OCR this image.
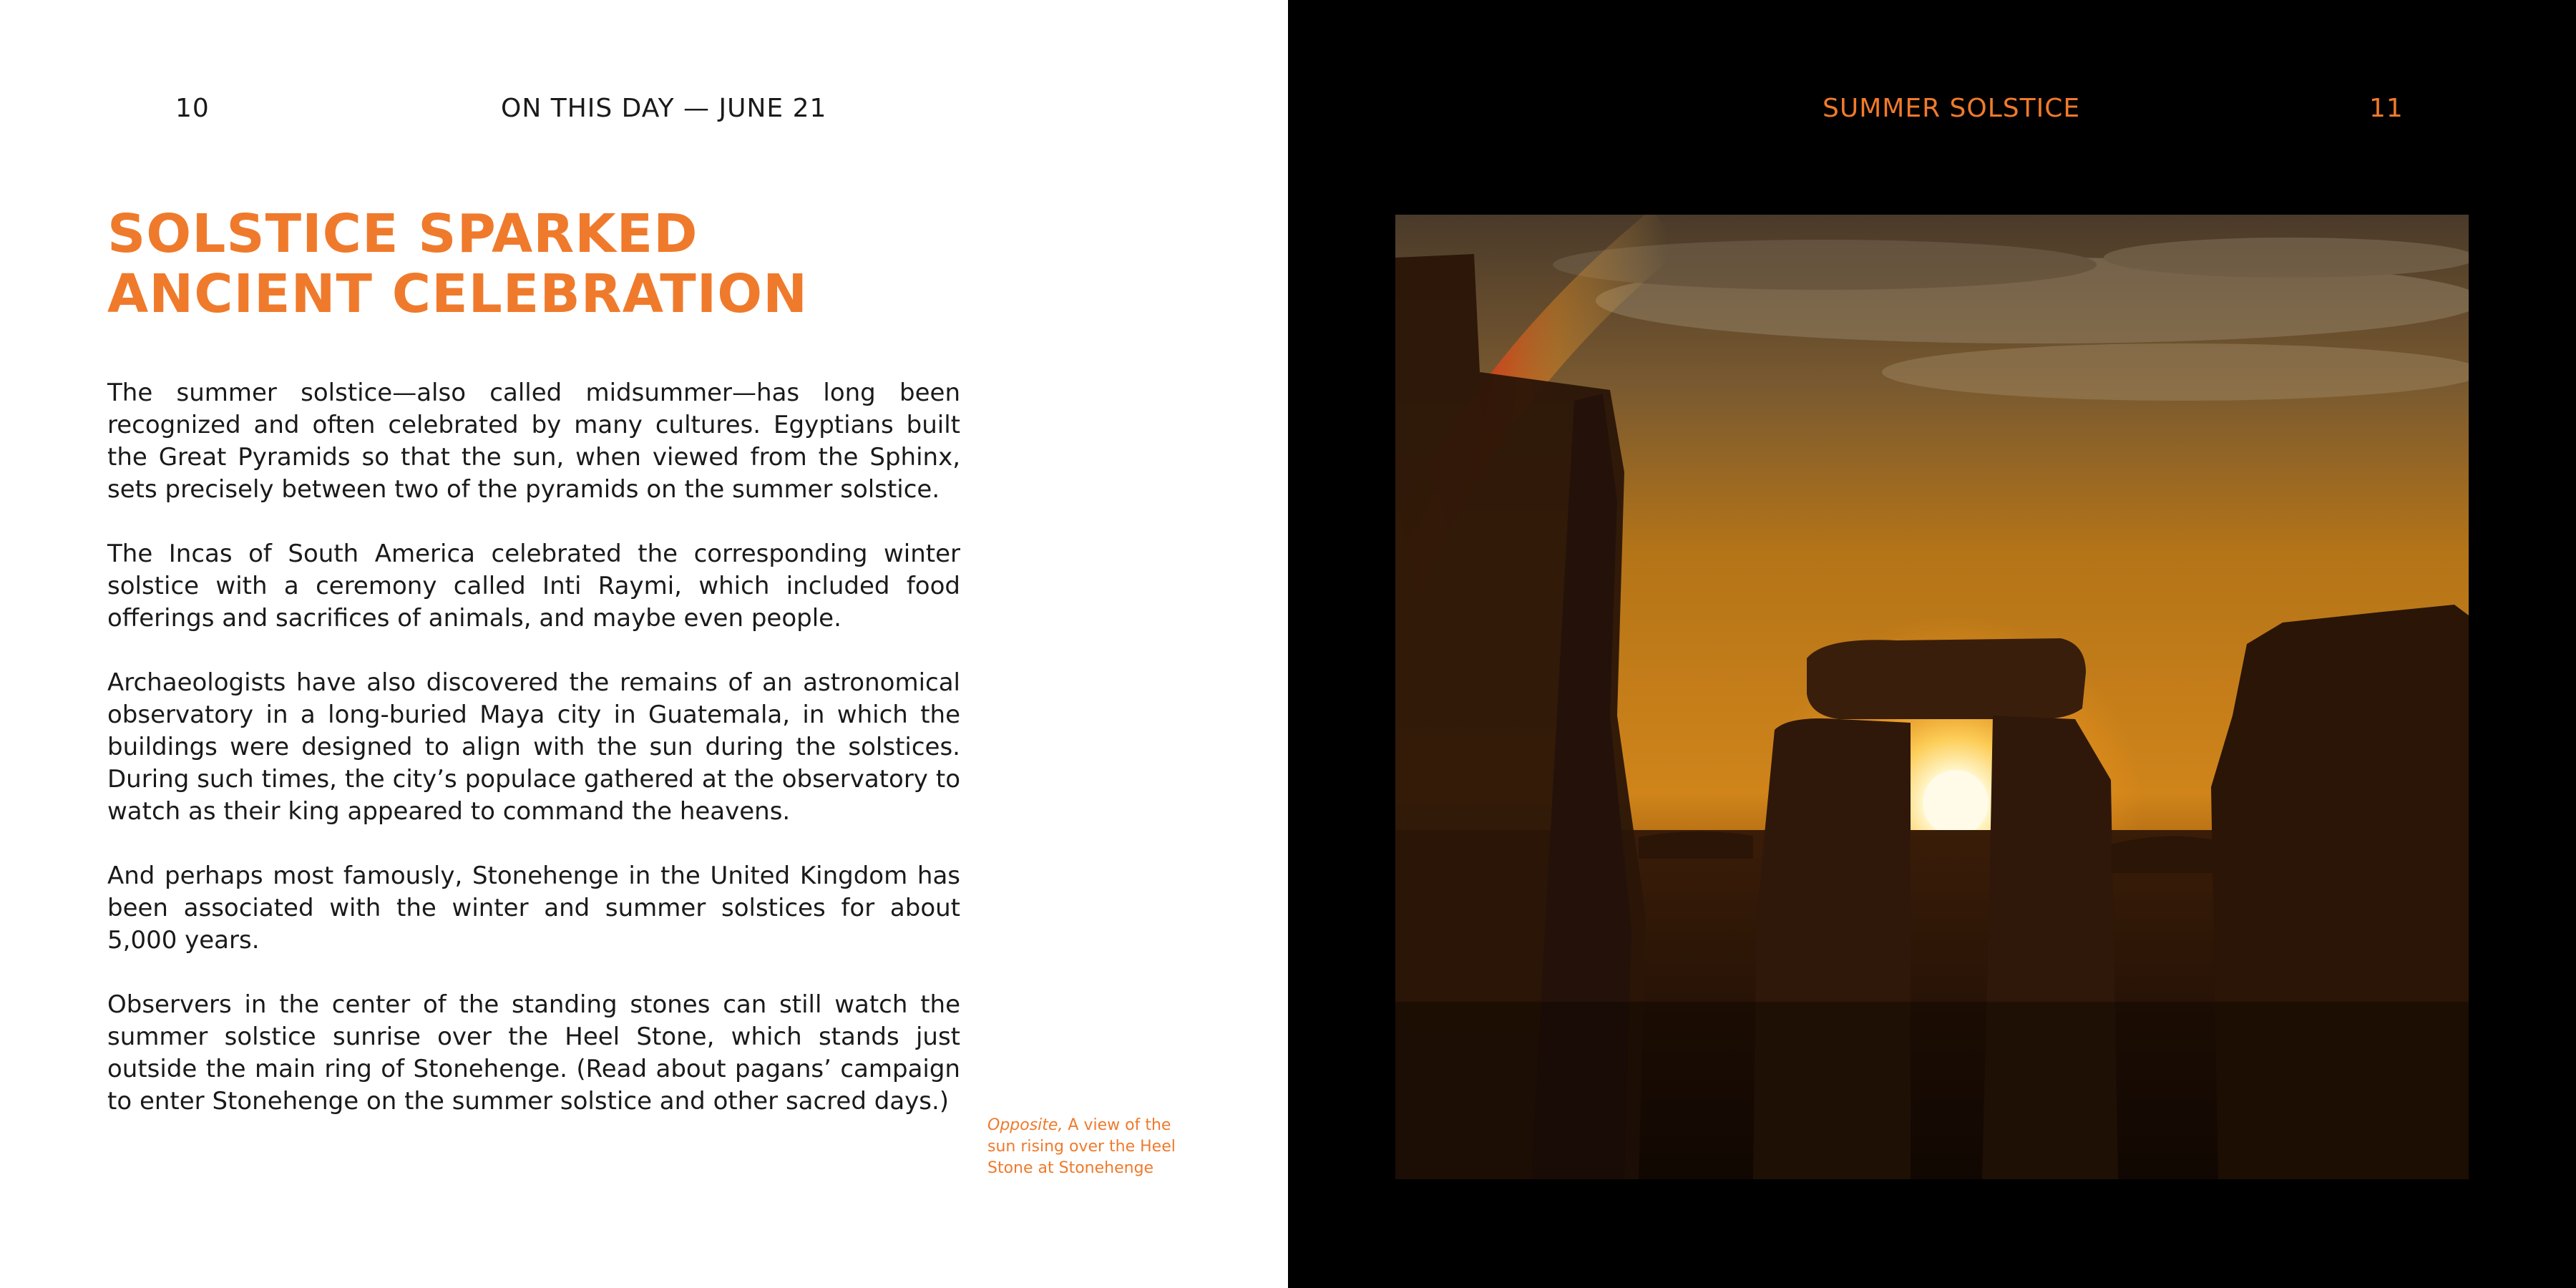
10	ON THIS DAY — JUNE 21
SOLSTICE SPARKED
ANCIENT CELEBRATION

The summer solstice—also called midsummer—has long been recognized and often celebrated by many cultures. Egyptians built the Great Pyramids so that the sun, when viewed from the Sphinx, sets precisely between two of the pyramids on the summer solstice.

The Incas of South America celebrated the corresponding winter solstice with a ceremony called Inti Raymi, which included food offerings and sacrifices of animals, and maybe even people.

Archaeologists have also discovered the remains of an astronomical observatory in a long-buried Maya city in Guatemala, in which the buildings were designed to align with the sun during the solstices. During such times, the city’s populace gathered at the observatory to watch as their king appeared to command the heavens.

And perhaps most famously, Stonehenge in the United Kingdom has been associated with the winter and summer solstices for about 5,000 years.

Observers in the center of the standing stones can still watch the summer solstice sunrise over the Heel Stone, which stands just outside the main ring of Stonehenge. (Read about pagans’ campaign to enter Stonehenge on the summer solstice and other sacred days.)

Opposite, A view of the sun rising over the Heel Stone at Stonehenge
SUMMER SOLSTICE	11
